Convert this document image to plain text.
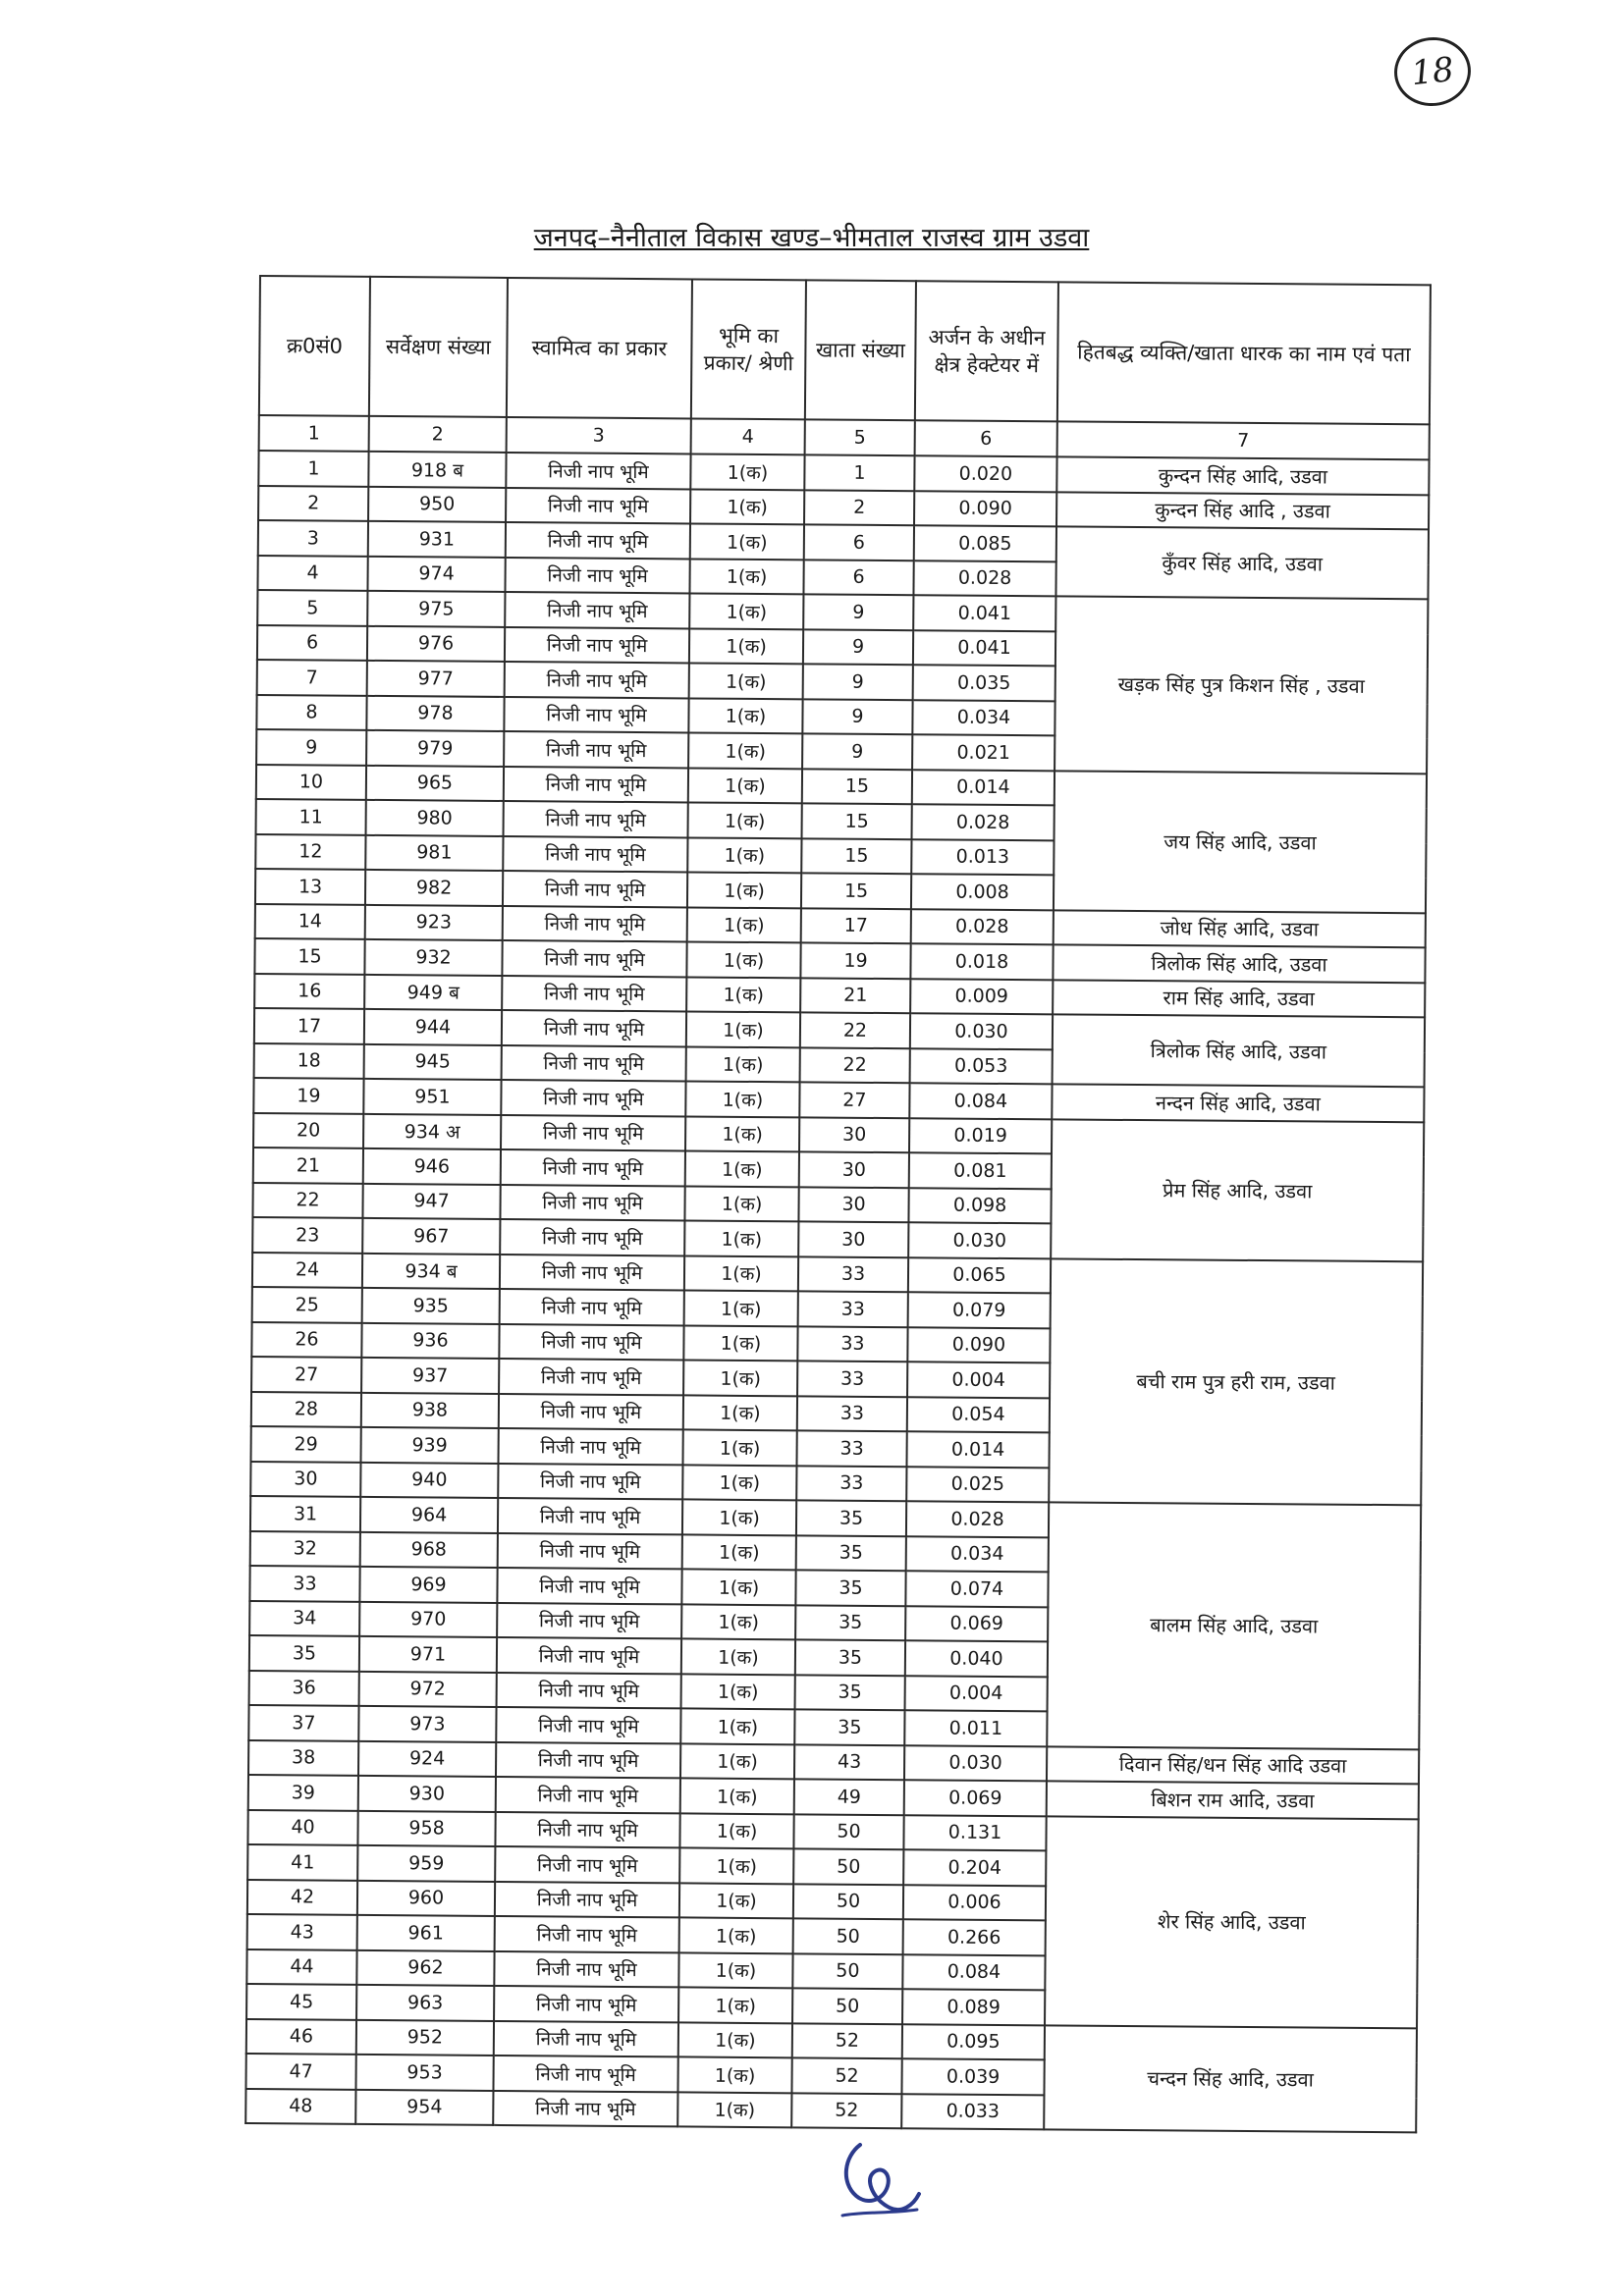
18
जनपद–नैनीताल विकास खण्ड–भीमताल राजस्व ग्राम उडवा
क्र0सं0	सर्वेक्षण संख्या	स्वामित्व का प्रकार	भूमि का प्रकार/ श्रेणी	खाता संख्या	अर्जन के अधीन क्षेत्र हेक्टेयर में	हितबद्ध व्यक्ति/खाता धारक का नाम एवं पता
1	2	3	4	5	6	7
1	918 ब	निजी नाप भूमि	1(क)	1	0.020	कुन्दन सिंह आदि, उडवा
2	950	निजी नाप भूमि	1(क)	2	0.090	कुन्दन सिंह आदि , उडवा
3	931	निजी नाप भूमि	1(क)	6	0.085	कुँवर सिंह आदि, उडवा
4	974	निजी नाप भूमि	1(क)	6	0.028	
5	975	निजी नाप भूमि	1(क)	9	0.041	खड़क सिंह पुत्र किशन सिंह , उडवा
6	976	निजी नाप भूमि	1(क)	9	0.041	
7	977	निजी नाप भूमि	1(क)	9	0.035	
8	978	निजी नाप भूमि	1(क)	9	0.034	
9	979	निजी नाप भूमि	1(क)	9	0.021	
10	965	निजी नाप भूमि	1(क)	15	0.014	जय सिंह आदि, उडवा
11	980	निजी नाप भूमि	1(क)	15	0.028	
12	981	निजी नाप भूमि	1(क)	15	0.013	
13	982	निजी नाप भूमि	1(क)	15	0.008	
14	923	निजी नाप भूमि	1(क)	17	0.028	जोध सिंह आदि, उडवा
15	932	निजी नाप भूमि	1(क)	19	0.018	त्रिलोक सिंह आदि, उडवा
16	949 ब	निजी नाप भूमि	1(क)	21	0.009	राम सिंह आदि, उडवा
17	944	निजी नाप भूमि	1(क)	22	0.030	त्रिलोक सिंह आदि, उडवा
18	945	निजी नाप भूमि	1(क)	22	0.053	
19	951	निजी नाप भूमि	1(क)	27	0.084	नन्दन सिंह आदि, उडवा
20	934 अ	निजी नाप भूमि	1(क)	30	0.019	प्रेम सिंह आदि, उडवा
21	946	निजी नाप भूमि	1(क)	30	0.081	
22	947	निजी नाप भूमि	1(क)	30	0.098	
23	967	निजी नाप भूमि	1(क)	30	0.030	
24	934 ब	निजी नाप भूमि	1(क)	33	0.065	बची राम पुत्र हरी राम, उडवा
25	935	निजी नाप भूमि	1(क)	33	0.079	
26	936	निजी नाप भूमि	1(क)	33	0.090	
27	937	निजी नाप भूमि	1(क)	33	0.004	
28	938	निजी नाप भूमि	1(क)	33	0.054	
29	939	निजी नाप भूमि	1(क)	33	0.014	
30	940	निजी नाप भूमि	1(क)	33	0.025	
31	964	निजी नाप भूमि	1(क)	35	0.028	बालम सिंह आदि, उडवा
32	968	निजी नाप भूमि	1(क)	35	0.034	
33	969	निजी नाप भूमि	1(क)	35	0.074	
34	970	निजी नाप भूमि	1(क)	35	0.069	
35	971	निजी नाप भूमि	1(क)	35	0.040	
36	972	निजी नाप भूमि	1(क)	35	0.004	
37	973	निजी नाप भूमि	1(क)	35	0.011	
38	924	निजी नाप भूमि	1(क)	43	0.030	दिवान सिंह/धन सिंह आदि उडवा
39	930	निजी नाप भूमि	1(क)	49	0.069	बिशन राम आदि, उडवा
40	958	निजी नाप भूमि	1(क)	50	0.131	शेर सिंह आदि, उडवा
41	959	निजी नाप भूमि	1(क)	50	0.204	
42	960	निजी नाप भूमि	1(क)	50	0.006	
43	961	निजी नाप भूमि	1(क)	50	0.266	
44	962	निजी नाप भूमि	1(क)	50	0.084	
45	963	निजी नाप भूमि	1(क)	50	0.089	
46	952	निजी नाप भूमि	1(क)	52	0.095	चन्दन सिंह आदि, उडवा
47	953	निजी नाप भूमि	1(क)	52	0.039	
48	954	निजी नाप भूमि	1(क)	52	0.033	
